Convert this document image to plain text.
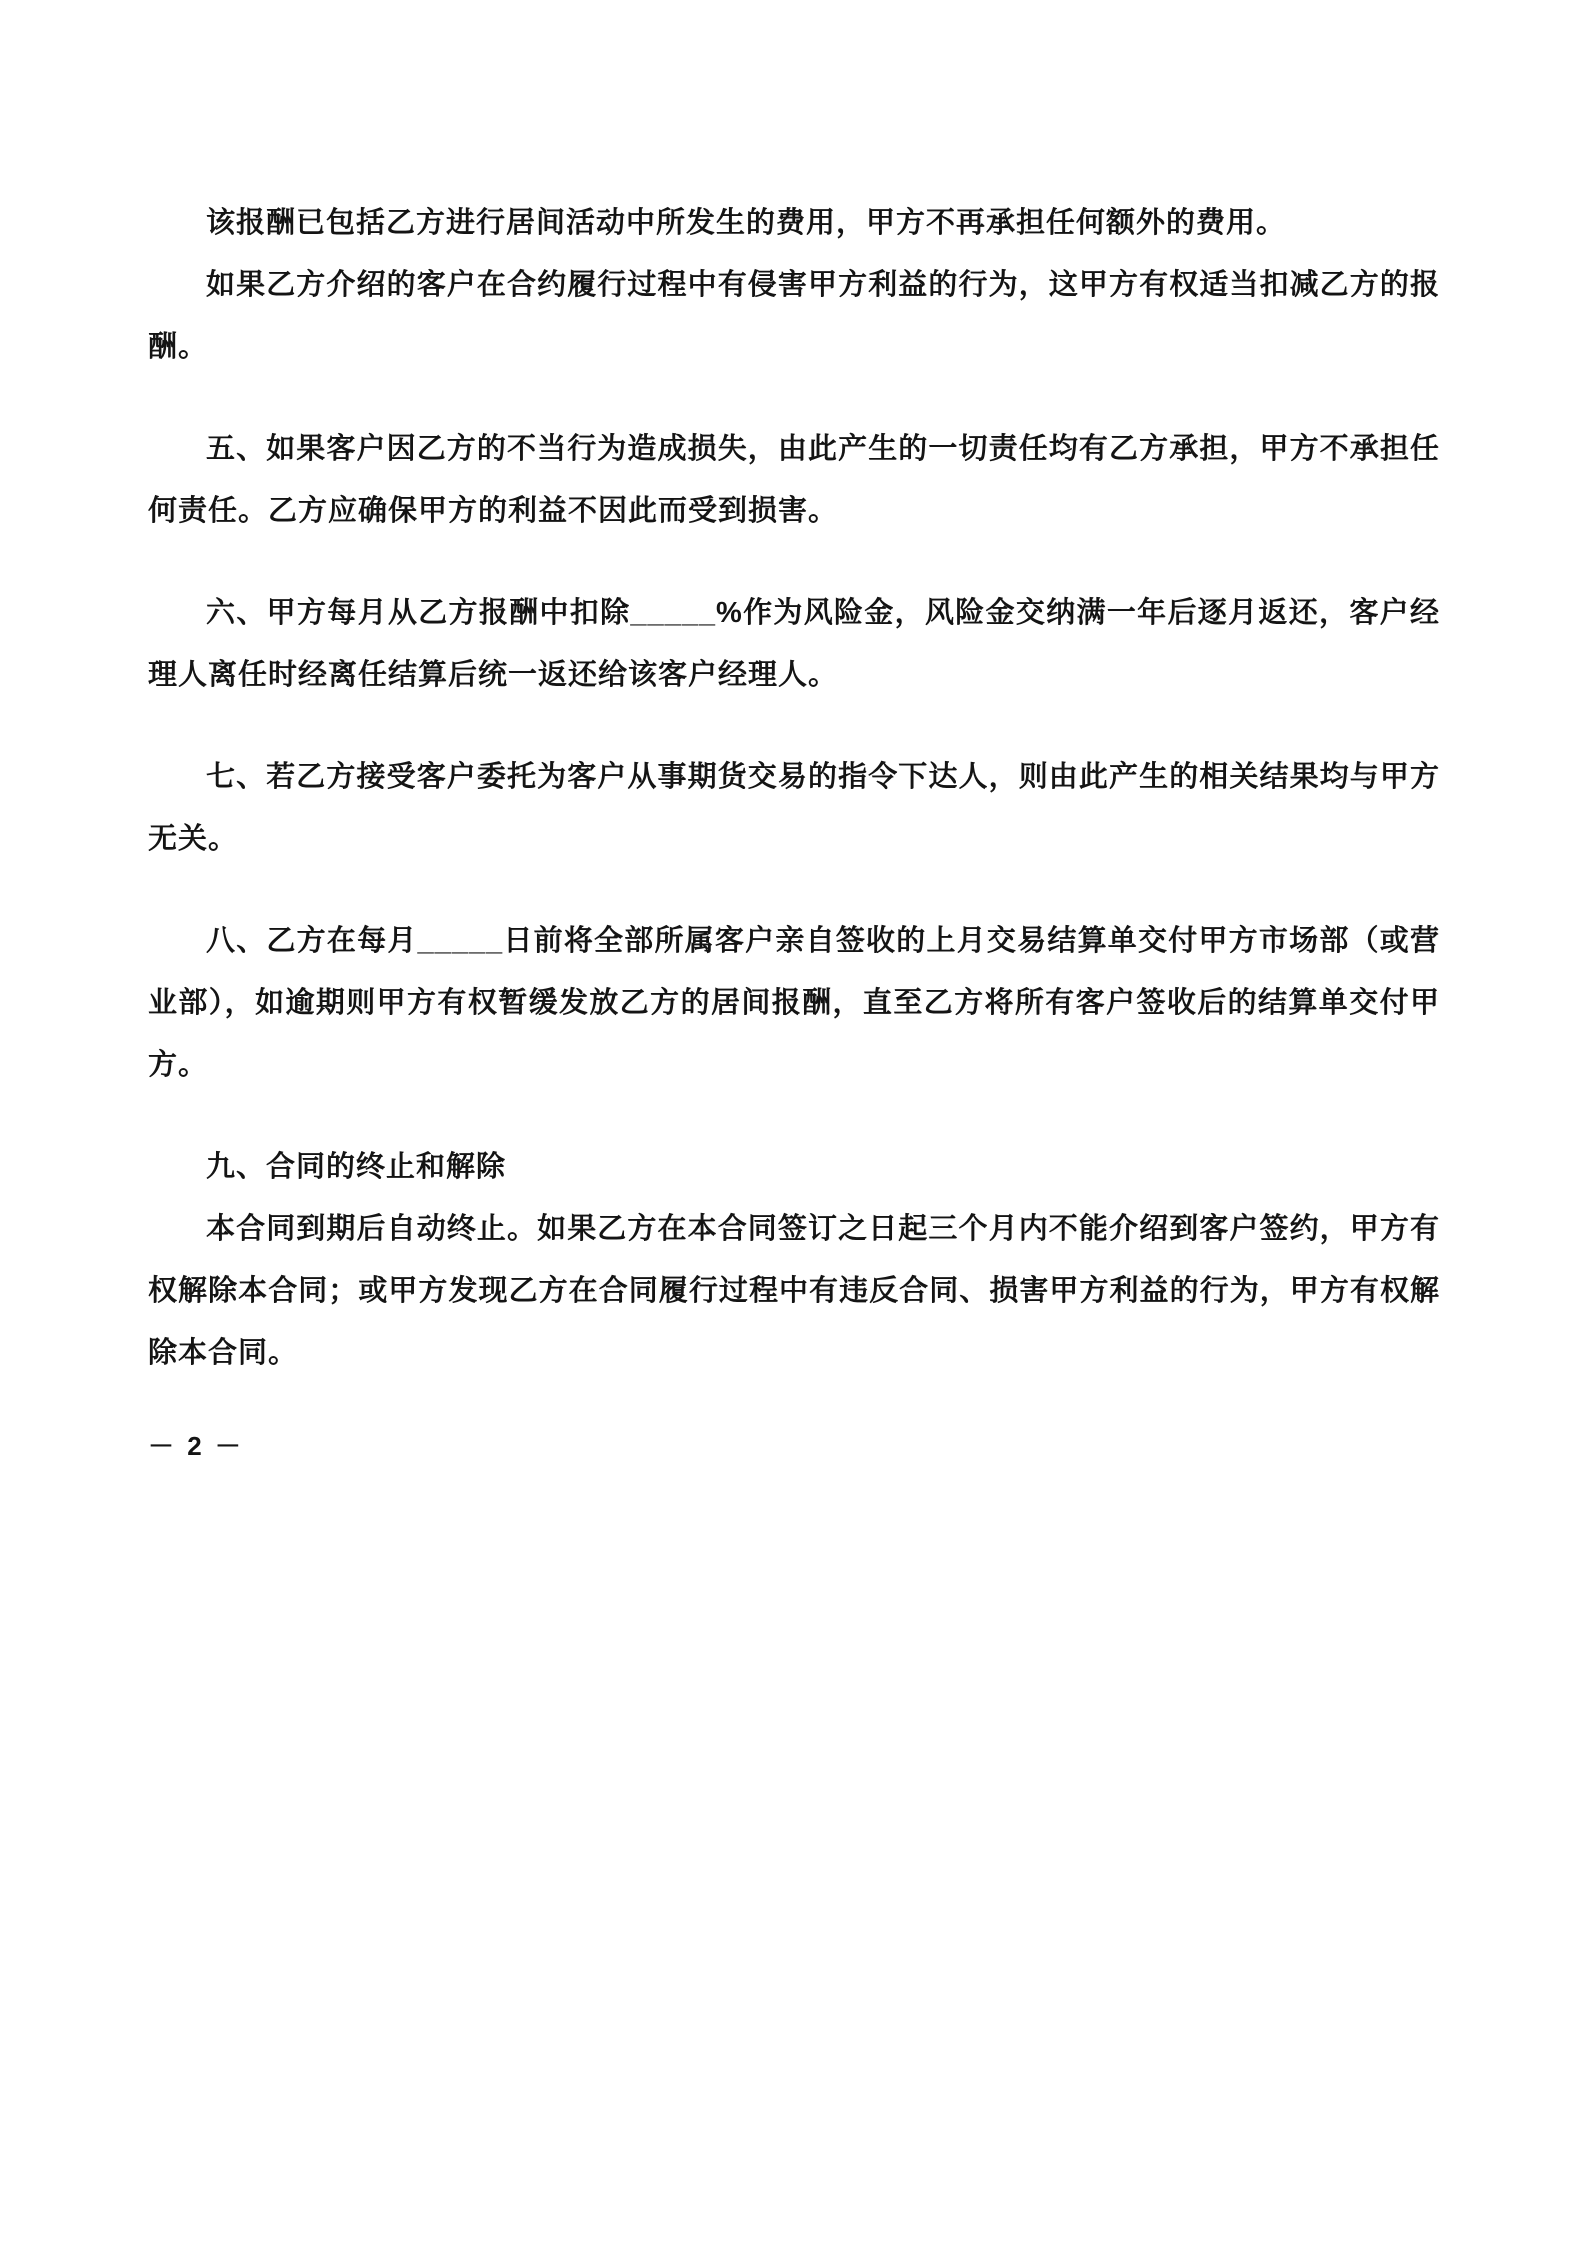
该报酬已包括乙方进行居间活动中所发生的费用，甲方不再承担任何额外的费用。

如果乙方介绍的客户在合约履行过程中有侵害甲方利益的行为，这甲方有权适当扣减乙方的报酬。

五、如果客户因乙方的不当行为造成损失，由此产生的一切责任均有乙方承担，甲方不承担任何责任。乙方应确保甲方的利益不因此而受到损害。

六、甲方每月从乙方报酬中扣除_____%作为风险金，风险金交纳满一年后逐月返还，客户经理人离任时经离任结算后统一返还给该客户经理人。

七、若乙方接受客户委托为客户从事期货交易的指令下达人，则由此产生的相关结果均与甲方无关。

八、乙方在每月_____日前将全部所属客户亲自签收的上月交易结算单交付甲方市场部（或营业部），如逾期则甲方有权暂缓发放乙方的居间报酬，直至乙方将所有客户签收后的结算单交付甲方。

九、合同的终止和解除

本合同到期后自动终止。如果乙方在本合同签订之日起三个月内不能介绍到客户签约，甲方有权解除本合同；或甲方发现乙方在合同履行过程中有违反合同、损害甲方利益的行为，甲方有权解除本合同。

－ 2 －
